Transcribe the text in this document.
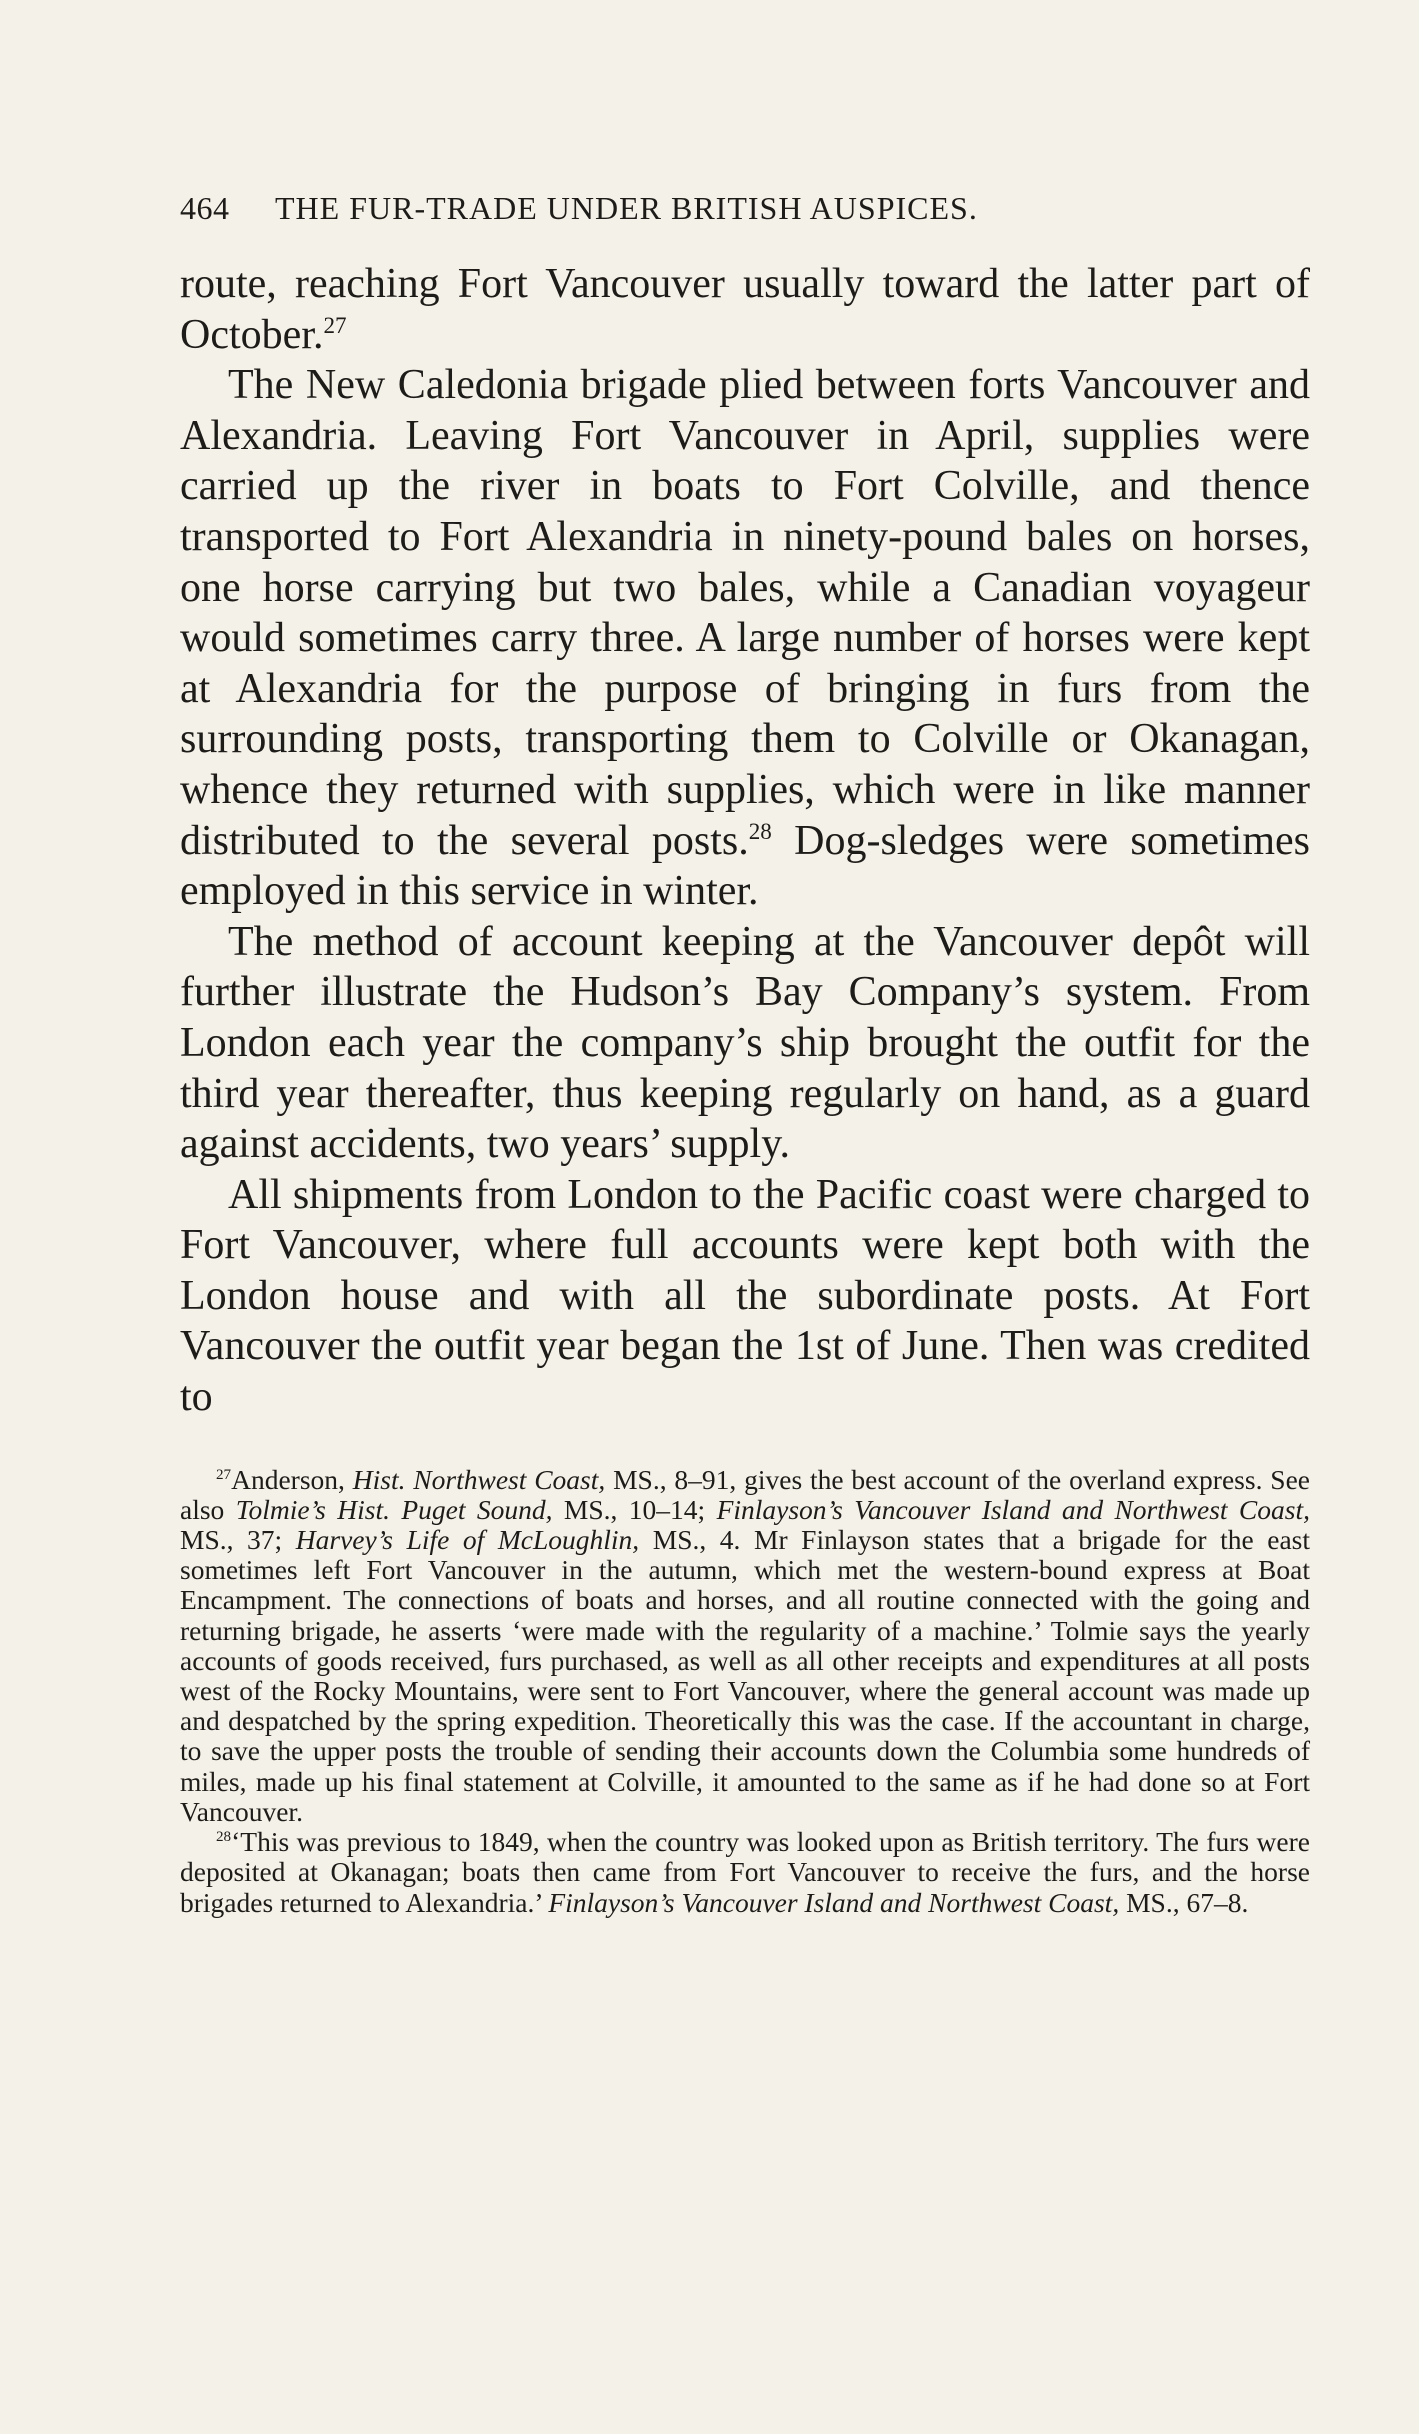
464	THE FUR-TRADE UNDER BRITISH AUSPICES.

route, reaching Fort Vancouver usually toward the latter part of October.$^{27}$

The New Caledonia brigade plied between forts Vancouver and Alexandria. Leaving Fort Vancouver in April, supplies were carried up the river in boats to Fort Colville, and thence transported to Fort Alexandria in ninety-pound bales on horses, one horse carrying but two bales, while a Canadian voyageur would sometimes carry three. A large number of horses were kept at Alexandria for the purpose of bringing in furs from the surrounding posts, transporting them to Colville or Okanagan, whence they returned with supplies, which were in like manner distributed to the several posts.$^{28}$ Dog-sledges were sometimes employed in this service in winter.

The method of account keeping at the Vancouver depôt will further illustrate the Hudson’s Bay Company’s system. From London each year the company’s ship brought the outfit for the third year thereafter, thus keeping regularly on hand, as a guard against accidents, two years’ supply.

All shipments from London to the Pacific coast were charged to Fort Vancouver, where full accounts were kept both with the London house and with all the subordinate posts. At Fort Vancouver the outfit year began the 1st of June. Then was credited to

$^{27}$Anderson, Hist. Northwest Coast, MS., 8–91, gives the best account of the overland express. See also Tolmie’s Hist. Puget Sound, MS., 10–14; Finlayson’s Vancouver Island and Northwest Coast, MS., 37; Harvey’s Life of McLoughlin, MS., 4. Mr Finlayson states that a brigade for the east sometimes left Fort Vancouver in the autumn, which met the western-bound express at Boat Encampment. The connections of boats and horses, and all routine connected with the going and returning brigade, he asserts ‘were made with the regularity of a machine.’ Tolmie says the yearly accounts of goods received, furs purchased, as well as all other receipts and expenditures at all posts west of the Rocky Mountains, were sent to Fort Vancouver, where the general account was made up and despatched by the spring expedition. Theoretically this was the case. If the accountant in charge, to save the upper posts the trouble of sending their accounts down the Columbia some hundreds of miles, made up his final statement at Colville, it amounted to the same as if he had done so at Fort Vancouver.

$^{28}$‘This was previous to 1849, when the country was looked upon as British territory. The furs were deposited at Okanagan; boats then came from Fort Vancouver to receive the furs, and the horse brigades returned to Alexandria.’ Finlayson’s Vancouver Island and Northwest Coast, MS., 67–8.
